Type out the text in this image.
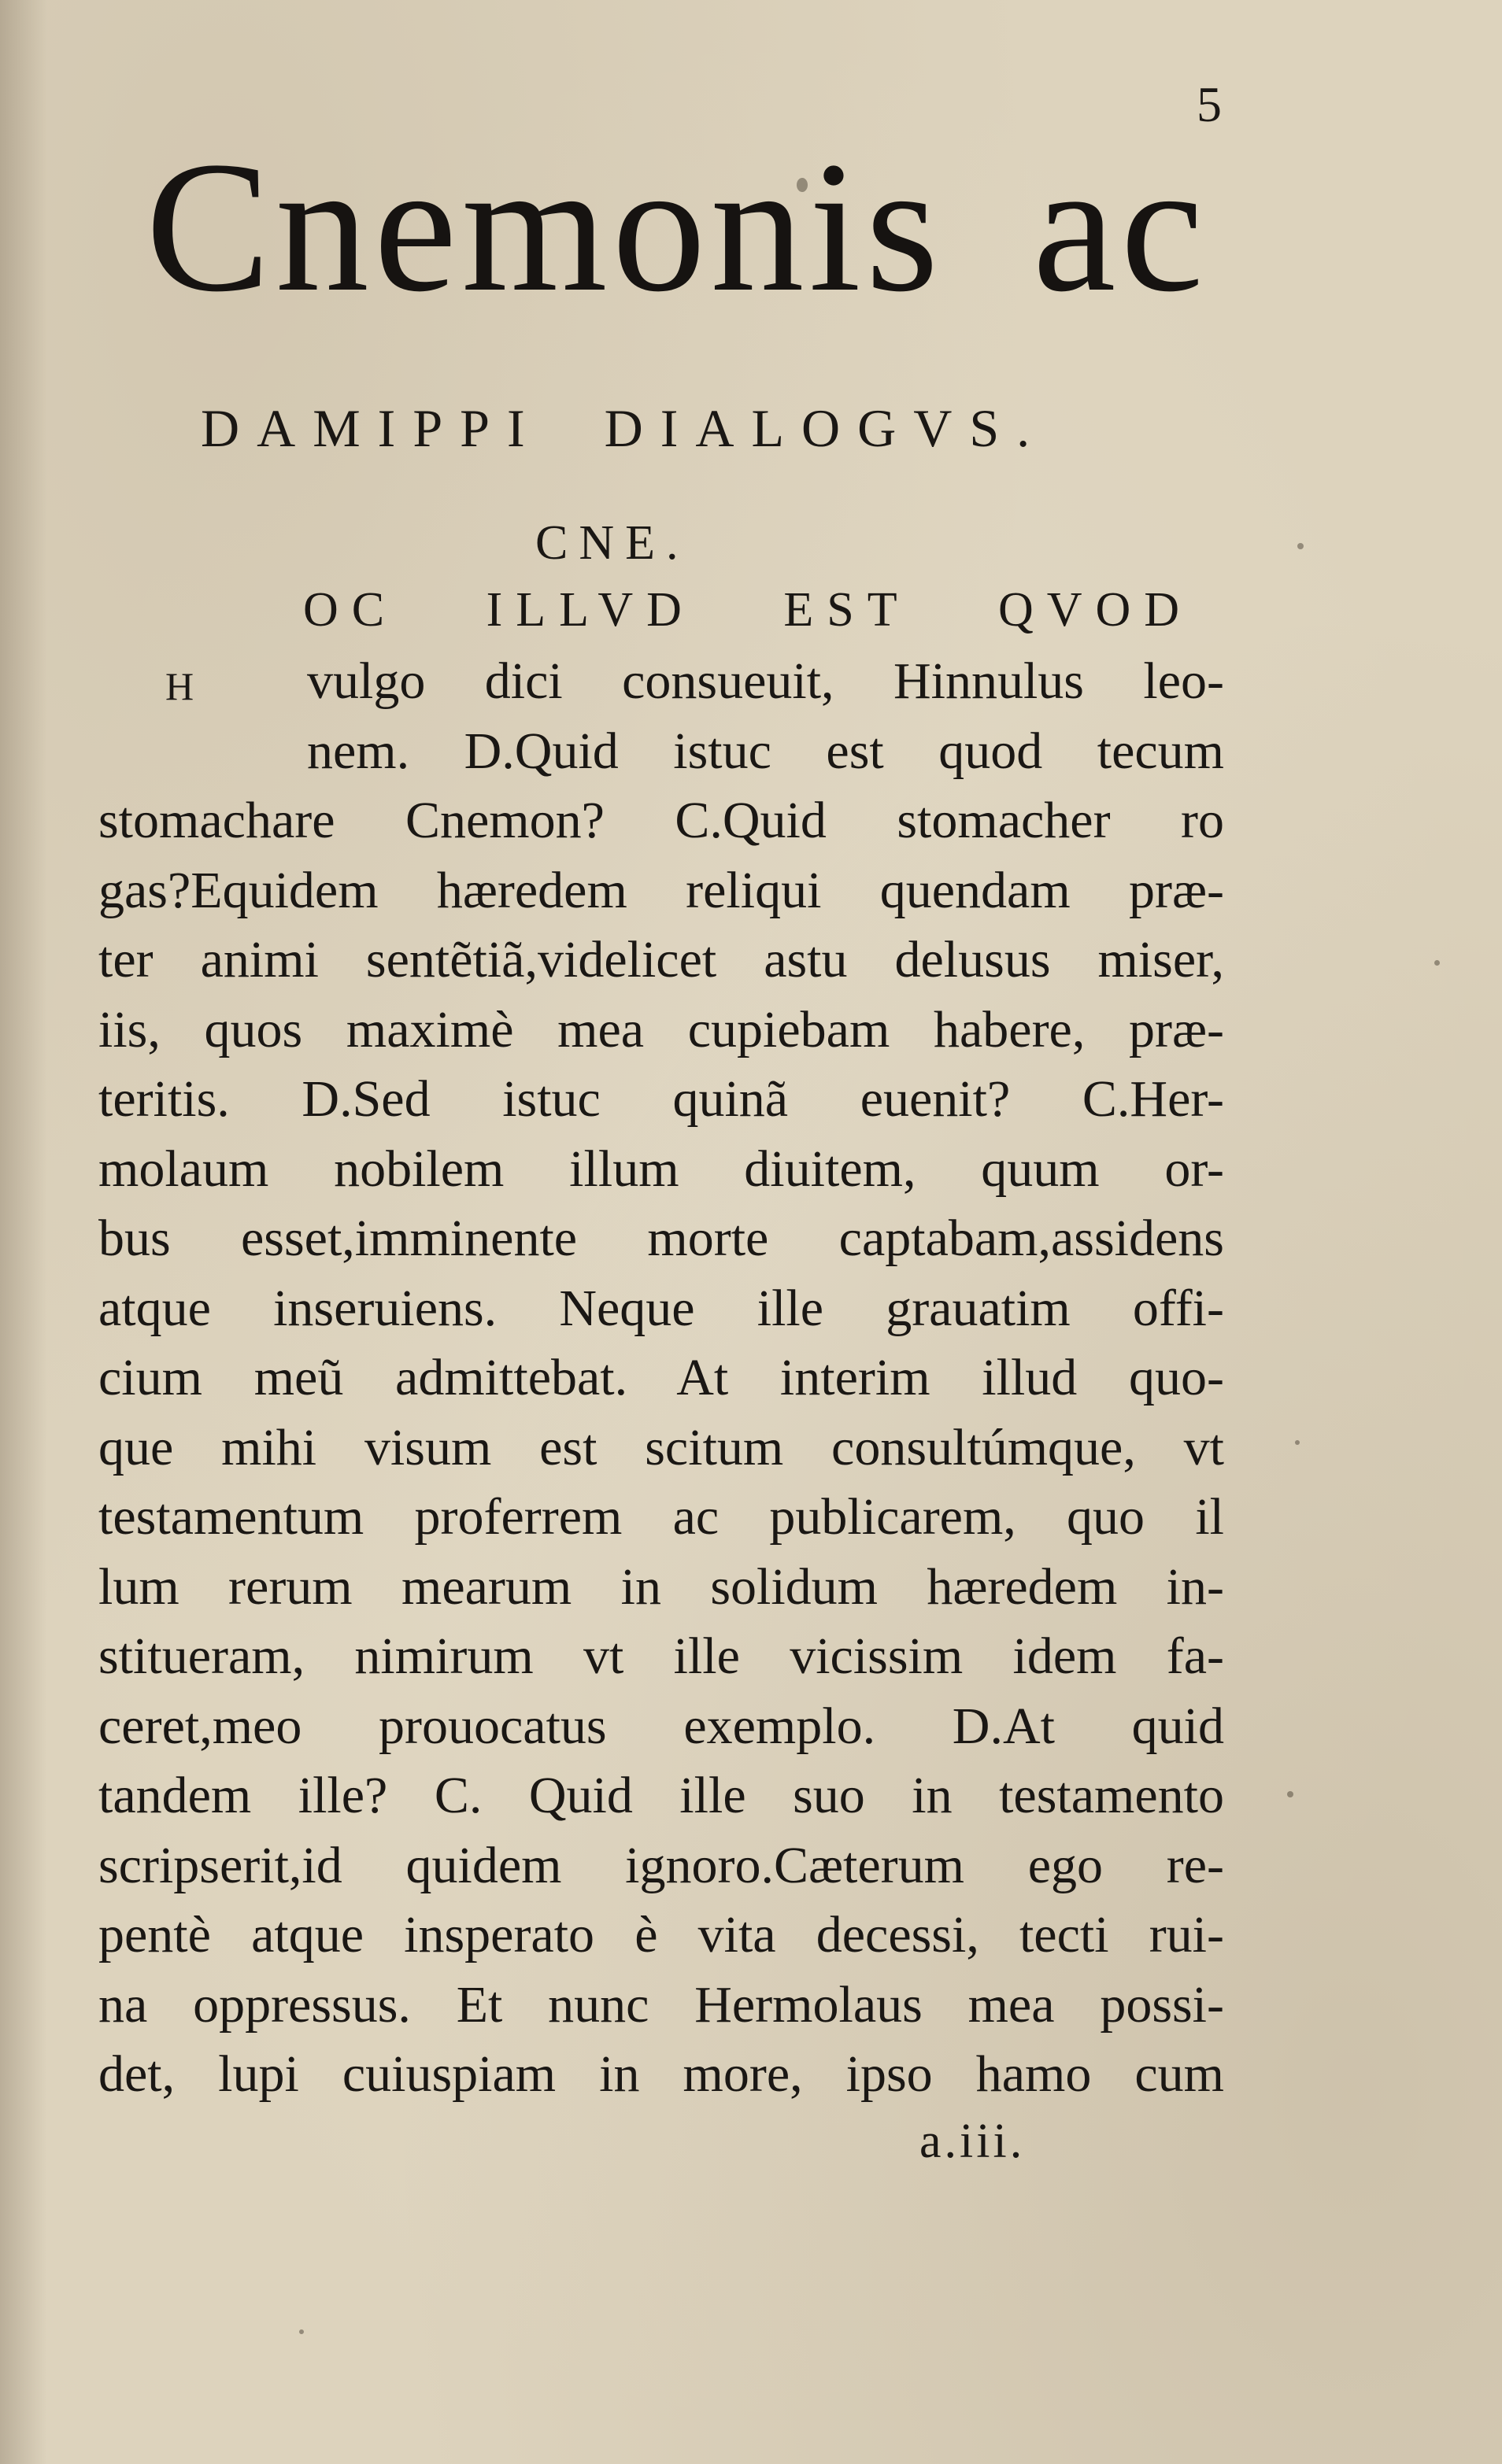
5
Cnemonis ac
DAMIPPI DIALOGVS.
CNE.
OC ILLVD EST QVOD
H vulgo dici consueuit, Hinnulus leo-
nem. D.Quid istuc est quod tecum
stomachare Cnemon? C.Quid stomacher ro
gas?Equidem hæredem reliqui quendam præ-
ter animi sentẽtiã,videlicet astu delusus miser,
iis, quos maximè mea cupiebam habere, præ-
teritis. D.Sed istuc quinã euenit? C.Her-
molaum nobilem illum diuitem, quum or-
bus esset,imminente morte captabam,assidens
atque inseruiens. Neque ille grauatim offi-
cium meũ admittebat. At interim illud quo-
que mihi visum est scitum consultúmque, vt
testamentum proferrem ac publicarem, quo il
lum rerum mearum in solidum hæredem in-
stitueram, nimirum vt ille vicissim idem fa-
ceret,meo prouocatus exemplo. D.At quid
tandem ille? C. Quid ille suo in testamento
scripserit,id quidem ignoro.Cæterum ego re-
pentè atque insperato è vita decessi, tecti rui-
na oppressus. Et nunc Hermolaus mea possi-
det, lupi cuiuspiam in more, ipso hamo cum
a.iii.
